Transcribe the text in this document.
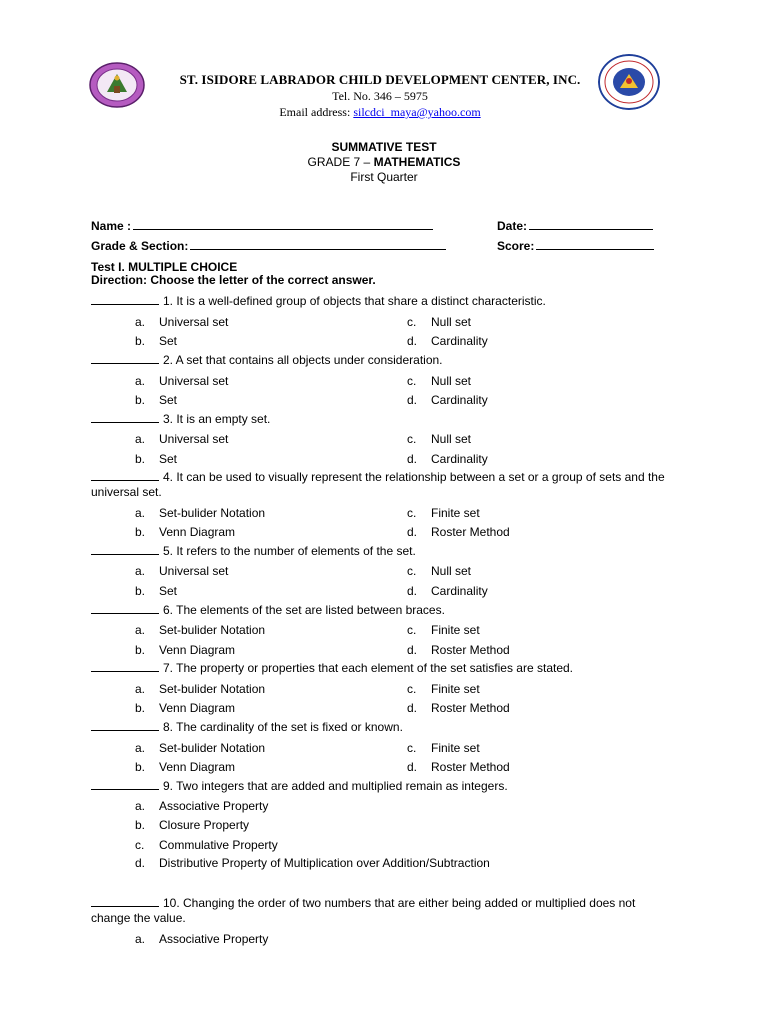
ST. ISIDORE LABRADOR CHILD DEVELOPMENT CENTER, INC.
Tel. No. 346 – 5975
Email address: silcdci_maya@yahoo.com
SUMMATIVE TEST
GRADE 7 – MATHEMATICS
First Quarter
Name :	Date:
Grade & Section:	Score:
Test I. MULTIPLE CHOICE
Direction: Choose the letter of the correct answer.
1. It is a well-defined group of objects that share a distinct characteristic.
a. Universal set	c. Null set
b. Set	d. Cardinality
2. A set that contains all objects under consideration.
a. Universal set	c. Null set
b. Set	d. Cardinality
3. It is an empty set.
a. Universal set	c. Null set
b. Set	d. Cardinality
4. It can be used to visually represent the relationship between a set or a group of sets and the universal set.
a. Set-bulider Notation	c. Finite set
b. Venn Diagram	d. Roster Method
5. It refers to the number of elements of the set.
a. Universal set	c. Null set
b. Set	d. Cardinality
6. The elements of the set are listed between braces.
a. Set-bulider Notation	c. Finite set
b. Venn Diagram	d. Roster Method
7. The property or properties that each element of the set satisfies are stated.
a. Set-bulider Notation	c. Finite set
b. Venn Diagram	d. Roster Method
8. The cardinality of the set is fixed or known.
a. Set-bulider Notation	c. Finite set
b. Venn Diagram	d. Roster Method
9. Two integers that are added and multiplied remain as integers.
a. Associative Property
b. Closure Property
c. Commulative Property
d. Distributive Property of Multiplication over Addition/Subtraction
10. Changing the order of two numbers that are either being added or multiplied does not change the value.
a. Associative Property
